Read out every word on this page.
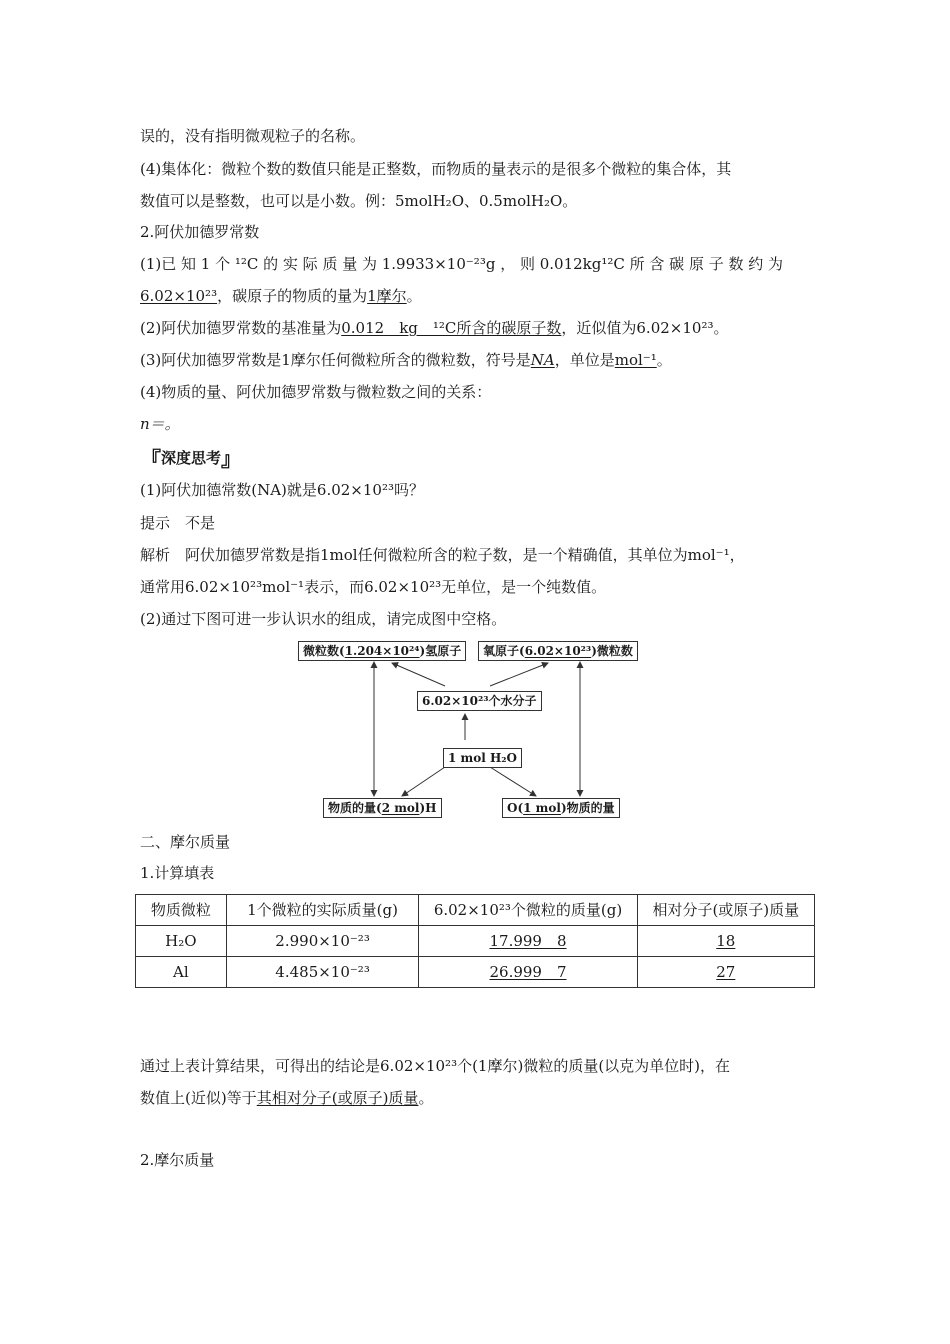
误的，没有指明微观粒子的名称。
(4)集体化：微粒个数的数值只能是正整数，而物质的量表示的是很多个微粒的集合体，其
数值可以是整数，也可以是小数。例：5molH₂O、0.5molH₂O。
2.阿伏加德罗常数
(1)已 知 1 个 ¹²C 的 实 际 质 量 为 1.9933×10⁻²³g ， 则 0.012kg¹²C 所 含 碳 原 子 数 约 为
6.02×10²³，碳原子的物质的量为1摩尔。
(2)阿伏加德罗常数的基准量为0.012　kg　¹²C所含的碳原子数，近似值为6.02×10²³。
(3)阿伏加德罗常数是1摩尔任何微粒所含的微粒数，符号是NA，单位是mol⁻¹。
(4)物质的量、阿伏加德罗常数与微粒数之间的关系：
n＝。
『 深度思考 』
(1)阿伏加德常数(NA)就是6.02×10²³吗？
提示　不是
解析　阿伏加德罗常数是指1mol任何微粒所含的粒子数，是一个精确值，其单位为mol⁻¹，
通常用6.02×10²³mol⁻¹表示，而6.02×10²³无单位，是一个纯数值。
(2)通过下图可进一步认识水的组成，请完成图中空格。
微粒数(1.204×10²⁴)氢原子	氧原子(6.02×10²³)微粒数
6.02×10²³个水分子
1 mol H₂O
物质的量(2 mol)H	O(1 mol)物质的量
二、摩尔质量
1.计算填表
物质微粒	1个微粒的实际质量(g)	6.02×10²³个微粒的质量(g)	相对分子(或原子)质量
H₂O	2.990×10⁻²³	17.999　8	18
Al	4.485×10⁻²³	26.999　7	27
通过上表计算结果，可得出的结论是6.02×10²³个(1摩尔)微粒的质量(以克为单位时)，在
数值上(近似)等于其相对分子(或原子)质量。
2.摩尔质量
